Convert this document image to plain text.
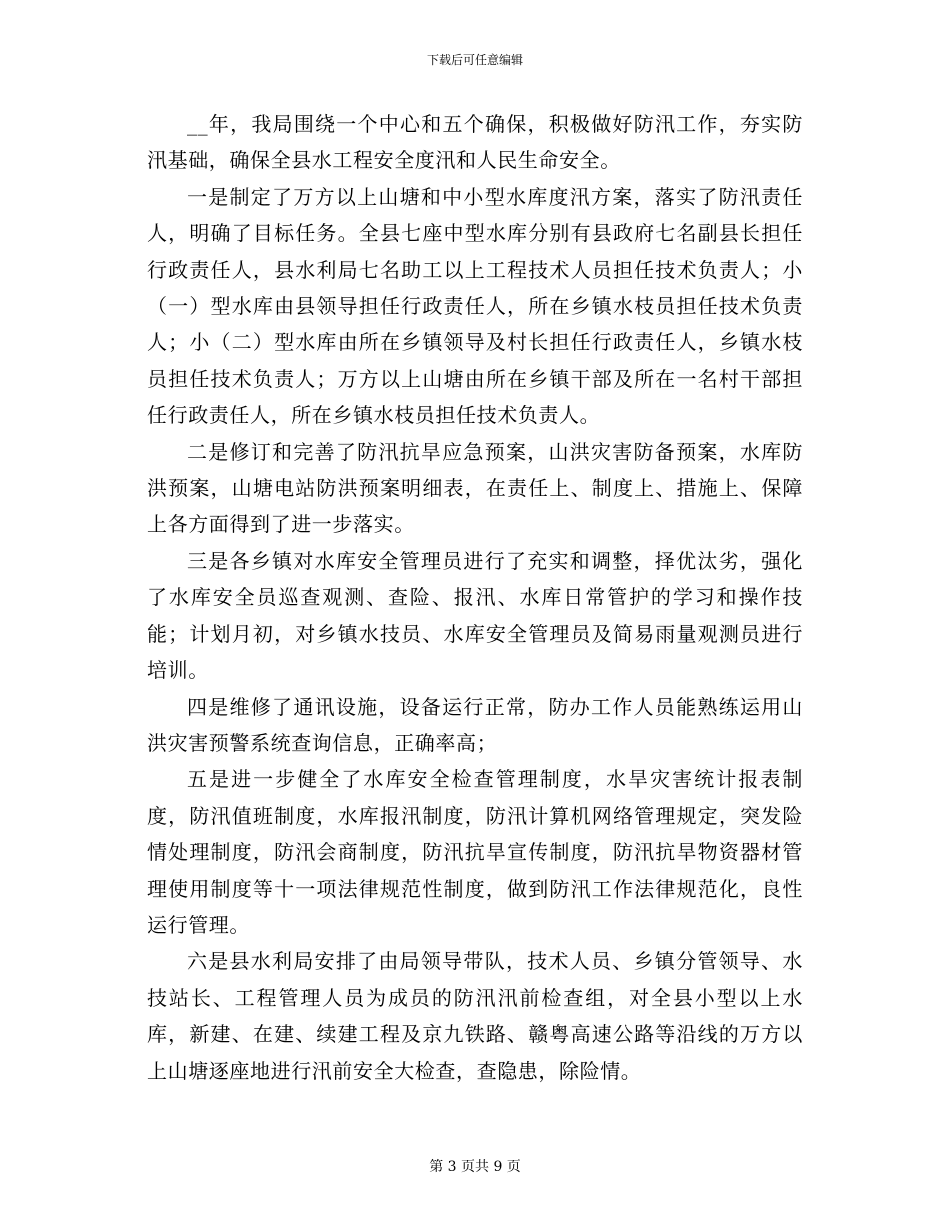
下载后可任意编辑

__年，我局围绕一个中心和五个确保，积极做好防汛工作，夯实防汛基础，确保全县水工程安全度汛和人民生命安全。

一是制定了万方以上山塘和中小型水库度汛方案，落实了防汛责任人，明确了目标任务。全县七座中型水库分别有县政府七名副县长担任行政责任人，县水利局七名助工以上工程技术人员担任技术负责人；小（一）型水库由县领导担任行政责任人，所在乡镇水枝员担任技术负责人；小（二）型水库由所在乡镇领导及村长担任行政责任人，乡镇水枝员担任技术负责人；万方以上山塘由所在乡镇干部及所在一名村干部担任行政责任人，所在乡镇水枝员担任技术负责人。

二是修订和完善了防汛抗旱应急预案，山洪灾害防备预案，水库防洪预案，山塘电站防洪预案明细表，在责任上、制度上、措施上、保障上各方面得到了进一步落实。

三是各乡镇对水库安全管理员进行了充实和调整，择优汰劣，强化了水库安全员巡查观测、查险、报汛、水库日常管护的学习和操作技能；计划月初，对乡镇水技员、水库安全管理员及简易雨量观测员进行培训。

四是维修了通讯设施，设备运行正常，防办工作人员能熟练运用山洪灾害预警系统查询信息，正确率高；

五是进一步健全了水库安全检查管理制度，水旱灾害统计报表制度，防汛值班制度，水库报汛制度，防汛计算机网络管理规定，突发险情处理制度，防汛会商制度，防汛抗旱宣传制度，防汛抗旱物资器材管理使用制度等十一项法律规范性制度，做到防汛工作法律规范化，良性运行管理。

六是县水利局安排了由局领导带队，技术人员、乡镇分管领导、水技站长、工程管理人员为成员的防汛汛前检查组，对全县小型以上水库，新建、在建、续建工程及京九铁路、赣粤高速公路等沿线的万方以上山塘逐座地进行汛前安全大检查，查隐患，除险情。

第 3 页共 9 页
